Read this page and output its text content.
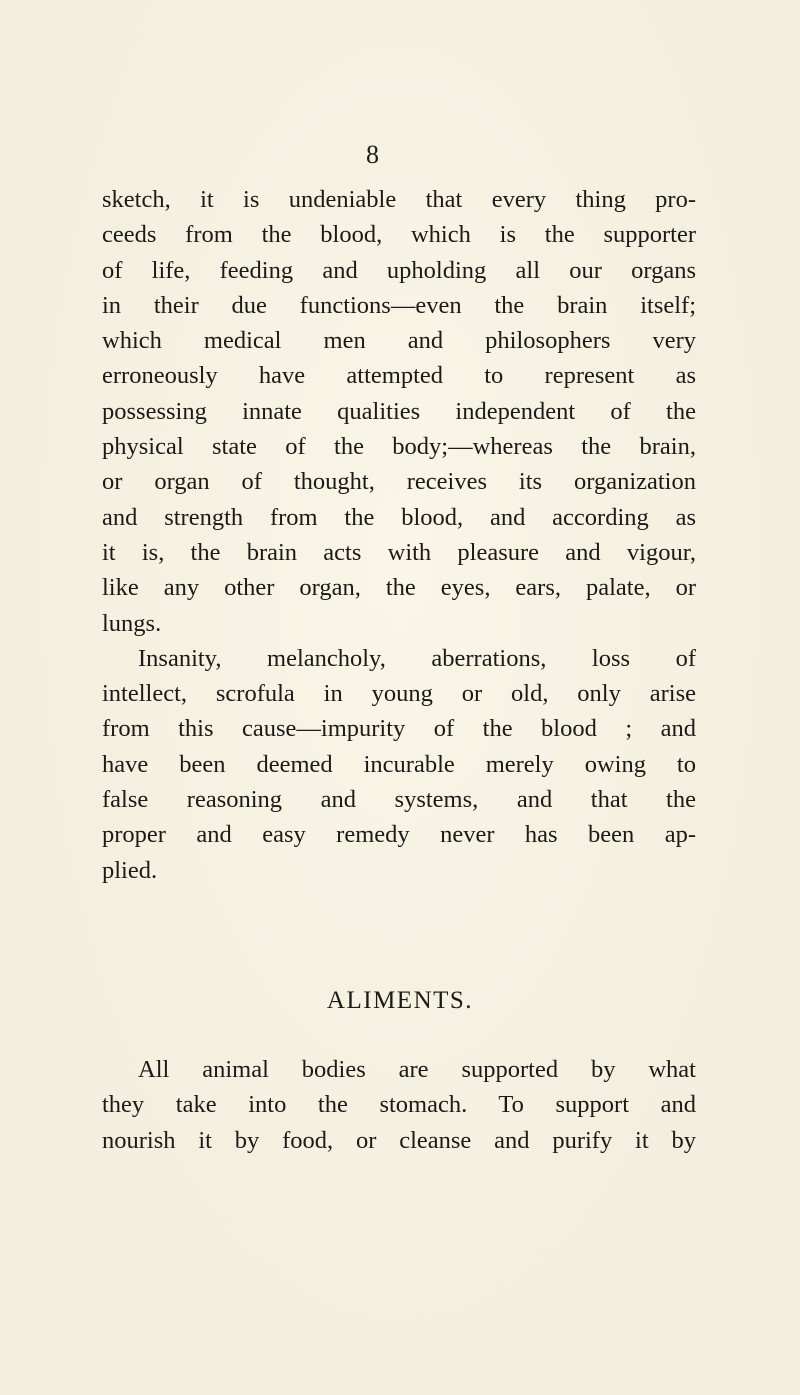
8
sketch, it is undeniable that every thing pro-
ceeds from the blood, which is the supporter
of life, feeding and upholding all our organs
in their due functions—even the brain itself;
which medical men and philosophers very
erroneously have attempted to represent as
possessing innate qualities independent of the
physical state of the body;—whereas the brain,
or organ of thought, receives its organization
and strength from the blood, and according as
it is, the brain acts with pleasure and vigour,
like any other organ, the eyes, ears, palate, or
lungs.
Insanity, melancholy, aberrations, loss of
intellect, scrofula in young or old, only arise
from this cause—impurity of the blood ; and
have been deemed incurable merely owing to
false reasoning and systems, and that the
proper and easy remedy never has been ap-
plied.
ALIMENTS.
All animal bodies are supported by what
they take into the stomach. To support and
nourish it by food, or cleanse and purify it by
